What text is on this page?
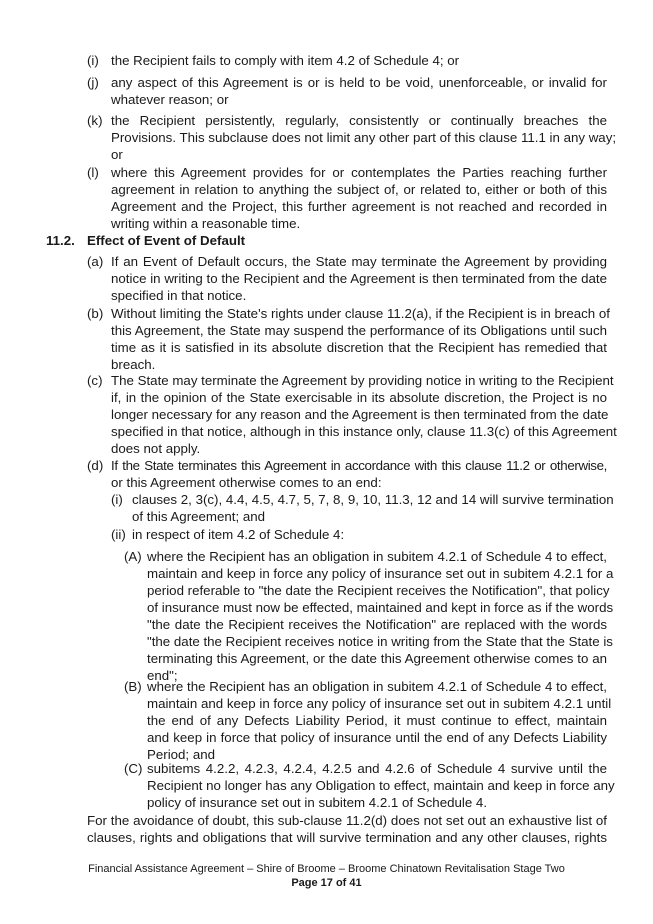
(i) the Recipient fails to comply with item 4.2 of Schedule 4; or
(j) any aspect of this Agreement is or is held to be void, unenforceable, or invalid for
whatever reason; or
(k) the Recipient persistently, regularly, consistently or continually breaches the
Provisions. This subclause does not limit any other part of this clause 11.1 in any way;
or
(l) where this Agreement provides for or contemplates the Parties reaching further
agreement in relation to anything the subject of, or related to, either or both of this
Agreement and the Project, this further agreement is not reached and recorded in
writing within a reasonable time.
11.2. Effect of Event of Default
(a) If an Event of Default occurs, the State may terminate the Agreement by providing
notice in writing to the Recipient and the Agreement is then terminated from the date
specified in that notice.
(b) Without limiting the State's rights under clause 11.2(a), if the Recipient is in breach of
this Agreement, the State may suspend the performance of its Obligations until such
time as it is satisfied in its absolute discretion that the Recipient has remedied that
breach.
(c) The State may terminate the Agreement by providing notice in writing to the Recipient
if, in the opinion of the State exercisable in its absolute discretion, the Project is no
longer necessary for any reason and the Agreement is then terminated from the date
specified in that notice, although in this instance only, clause 11.3(c) of this Agreement
does not apply.
(d) If the State terminates this Agreement in accordance with this clause 11.2 or otherwise,
or this Agreement otherwise comes to an end:
(i) clauses 2, 3(c), 4.4, 4.5, 4.7, 5, 7, 8, 9, 10, 11.3, 12 and 14 will survive termination
of this Agreement; and
(ii) in respect of item 4.2 of Schedule 4:
(A) where the Recipient has an obligation in subitem 4.2.1 of Schedule 4 to effect,
maintain and keep in force any policy of insurance set out in subitem 4.2.1 for a
period referable to "the date the Recipient receives the Notification", that policy
of insurance must now be effected, maintained and kept in force as if the words
"the date the Recipient receives the Notification" are replaced with the words
"the date the Recipient receives notice in writing from the State that the State is
terminating this Agreement, or the date this Agreement otherwise comes to an
end";
(B) where the Recipient has an obligation in subitem 4.2.1 of Schedule 4 to effect,
maintain and keep in force any policy of insurance set out in subitem 4.2.1 until
the end of any Defects Liability Period, it must continue to effect, maintain
and keep in force that policy of insurance until the end of any Defects Liability
Period; and
(C) subitems 4.2.2, 4.2.3, 4.2.4, 4.2.5 and 4.2.6 of Schedule 4 survive until the
Recipient no longer has any Obligation to effect, maintain and keep in force any
policy of insurance set out in subitem 4.2.1 of Schedule 4.
For the avoidance of doubt, this sub-clause 11.2(d) does not set out an exhaustive list of
clauses, rights and obligations that will survive termination and any other clauses, rights
Financial Assistance Agreement – Shire of Broome – Broome Chinatown Revitalisation Stage Two
Page 17 of 41
